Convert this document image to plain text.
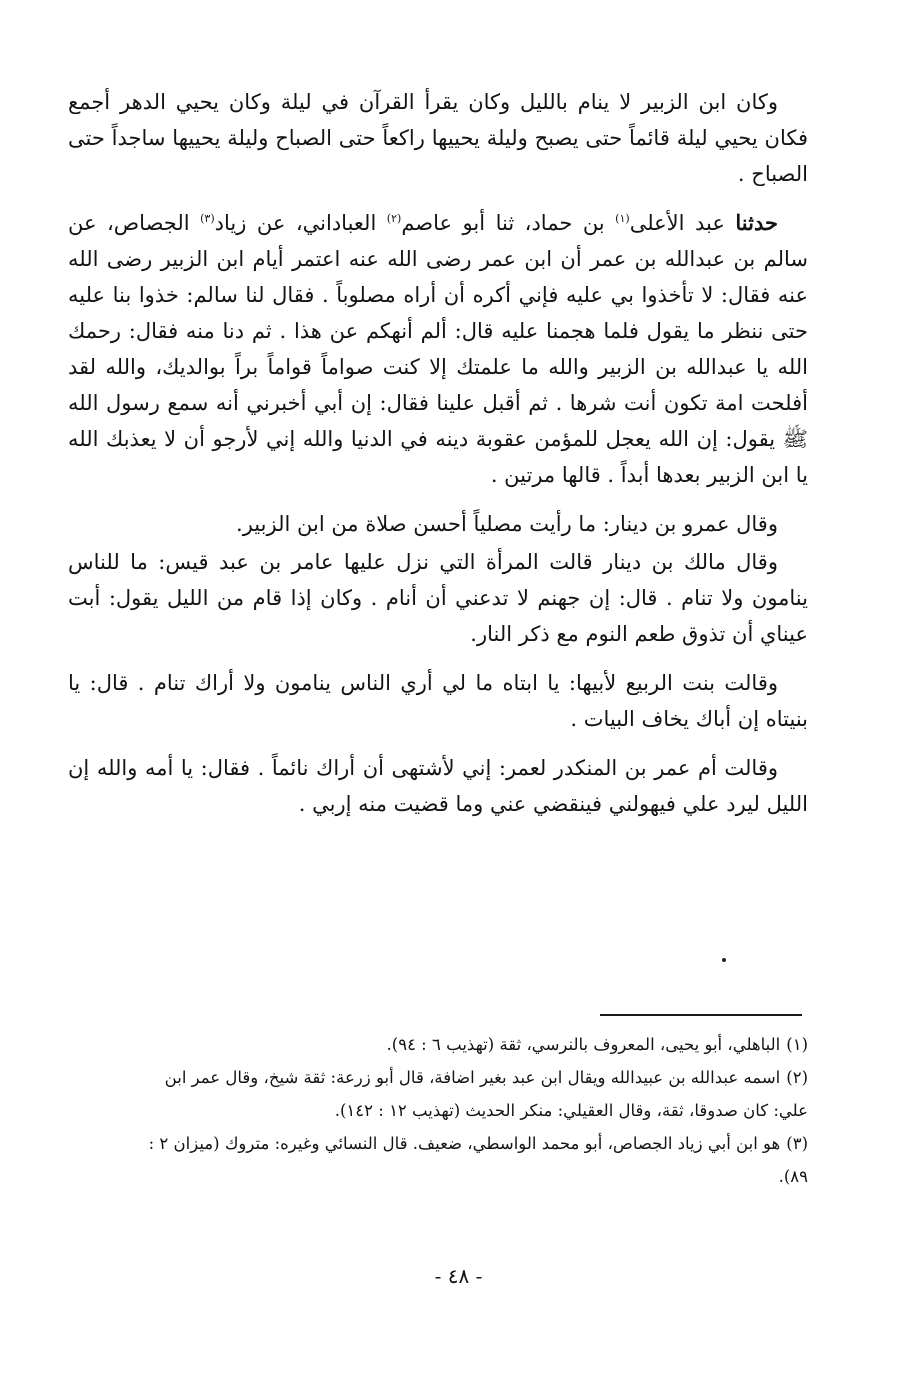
وكان ابن الزبير لا ينام بالليل وكان يقرأ القرآن في ليلة وكان يحيي الدهر أجمع فكان يحيي ليلة قائماً حتى يصبح وليلة يحييها راكعاً حتى الصباح وليلة يحييها ساجداً حتى الصباح .

حدثنا عبد الأعلى$^{(١)}$ بن حماد، ثنا أبو عاصم$^{(٢)}$ العباداني، عن زياد$^{(٣)}$ الجصاص، عن سالم بن عبدالله بن عمر أن ابن عمر رضى الله عنه اعتمر أيام ابن الزبير رضى الله عنه فقال: لا تأخذوا بي عليه فإني أكره أن أراه مصلوباً . فقال لنا سالم: خذوا بنا عليه حتى ننظر ما يقول فلما هجمنا عليه قال: ألم أنهكم عن هذا . ثم دنا منه فقال: رحمك الله يا عبدالله بن الزبير والله ما علمتك إلا كنت صواماً قواماً براً بوالديك، والله لقد أفلحت امة تكون أنت شرها . ثم أقبل علينا فقال: إن أبي أخبرني أنه سمع رسول الله ﷺ يقول: إن الله يعجل للمؤمن عقوبة دينه في الدنيا والله إني لأرجو أن لا يعذبك الله يا ابن الزبير بعدها أبداً . قالها مرتين .

وقال عمرو بن دينار: ما رأيت مصلياً أحسن صلاة من ابن الزبير.

وقال مالك بن دينار قالت المرأة التي نزل عليها عامر بن عبد قيس: ما للناس ينامون ولا تنام . قال: إن جهنم لا تدعني أن أنام . وكان إذا قام من الليل يقول: أبت عيناي أن تذوق طعم النوم مع ذكر النار.

وقالت بنت الربيع لأبيها: يا ابتاه ما لي أري الناس ينامون ولا أراك تنام . قال: يا بنيتاه إن أباك يخاف البيات .

وقالت أم عمر بن المنكدر لعمر: إني لأشتهى أن أراك نائماً . فقال: يا أمه والله إن الليل ليرد علي فيهولني فينقضي عني وما قضيت منه إربي .

(١)الباهلي، أبو يحيى، المعروف بالنرسي، ثقة (تهذيب ٦ : ٩٤).

(٢)اسمه عبدالله بن عبيدالله ويقال ابن عبد بغير اضافة، قال أبو زرعة: ثقة شيخ، وقال عمر ابن

علي: كان صدوقا، ثقة، وقال العقيلي: منكر الحديث (تهذيب ١٢ : ١٤٢).

(٣)هو ابن أبي زياد الجصاص، أبو محمد الواسطي، ضعيف. قال النسائي وغيره: متروك (ميزان ٢ :

٨٩).

- ٤٨ -
